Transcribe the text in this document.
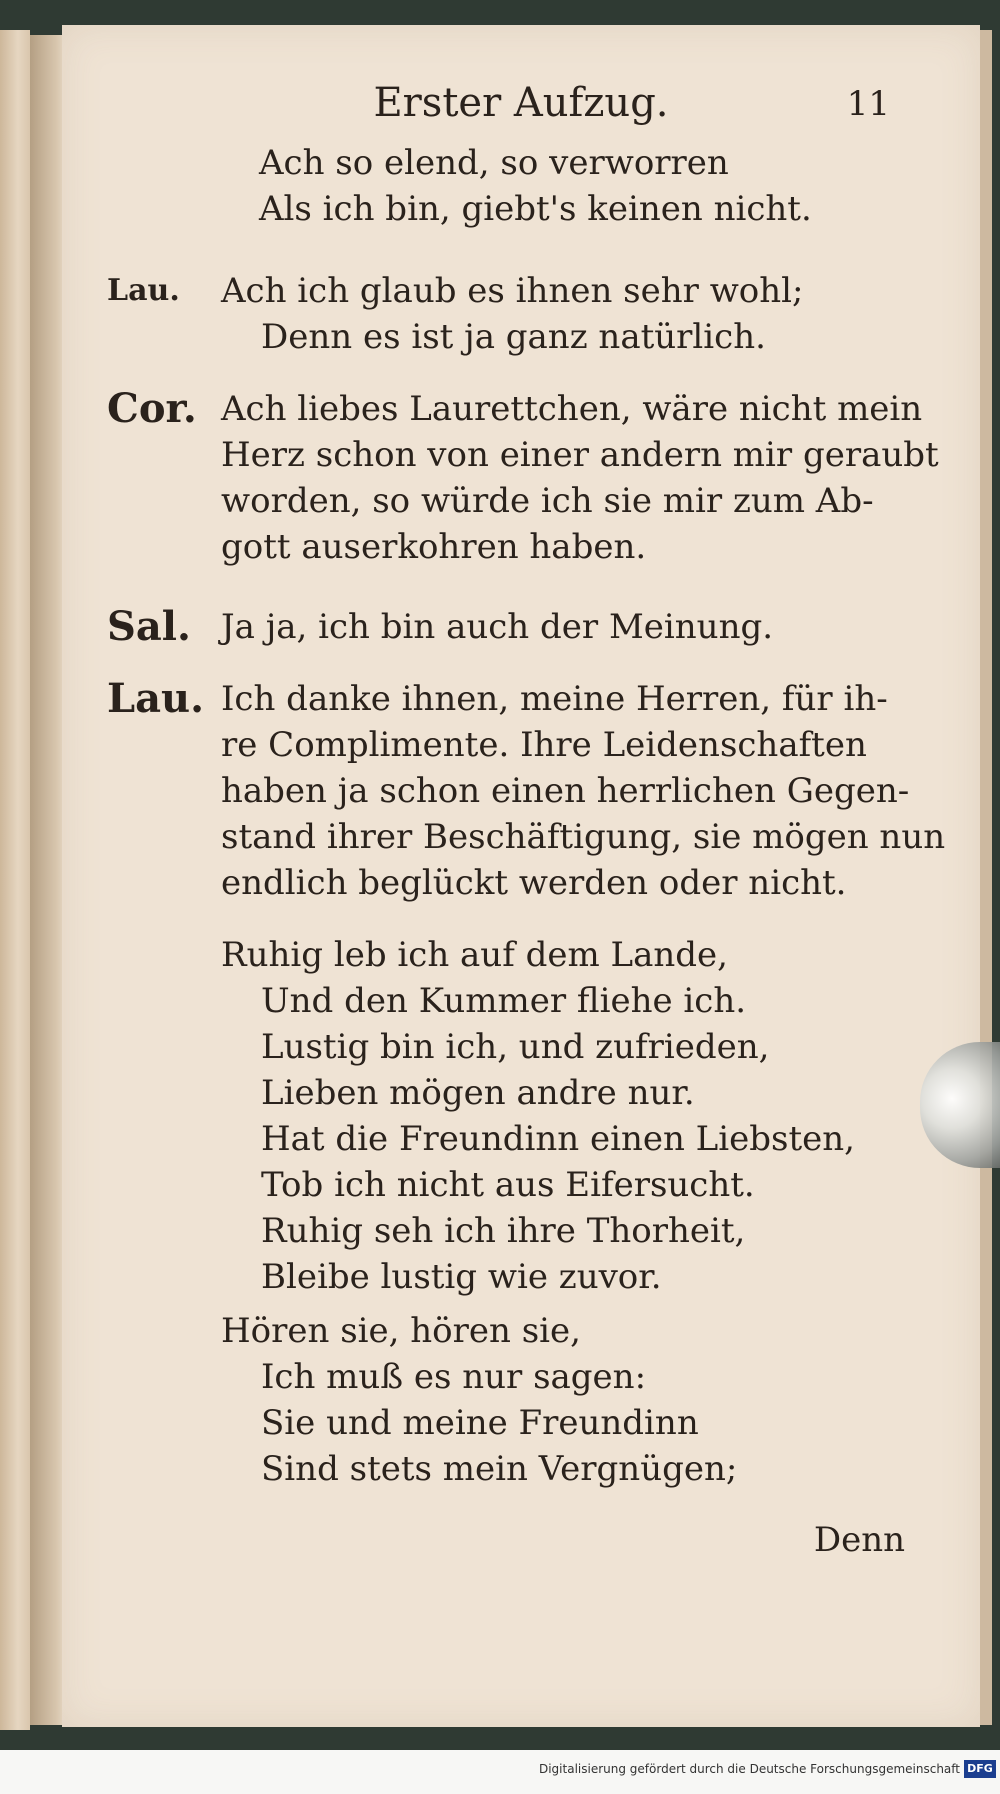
Erster Aufzug.	11
Ach so elend, so verworren
Als ich bin, giebt's keinen nicht.
Lau. Ach ich glaub es ihnen sehr wohl;
Denn es ist ja ganz natürlich.
Cor. Ach liebes Laurettchen, wäre nicht mein
Herz schon von einer andern mir geraubt
worden, so würde ich sie mir zum Ab-
gott auserkohren haben.
Sal. Ja ja, ich bin auch der Meinung.
Lau. Ich danke ihnen, meine Herren, für ih-
re Complimente. Ihre Leidenschaften
haben ja schon einen herrlichen Gegen-
stand ihrer Beschäftigung, sie mögen nun
endlich beglückt werden oder nicht.
Ruhig leb ich auf dem Lande,
Und den Kummer fliehe ich.
Lustig bin ich, und zufrieden,
Lieben mögen andre nur.
Hat die Freundinn einen Liebsten,
Tob ich nicht aus Eifersucht.
Ruhig seh ich ihre Thorheit,
Bleibe lustig wie zuvor.
Hören sie, hören sie,
Ich muß es nur sagen:
Sie und meine Freundinn
Sind stets mein Vergnügen;
Denn
Digitalisierung gefördert durch die Deutsche Forschungsgemeinschaft DFG
